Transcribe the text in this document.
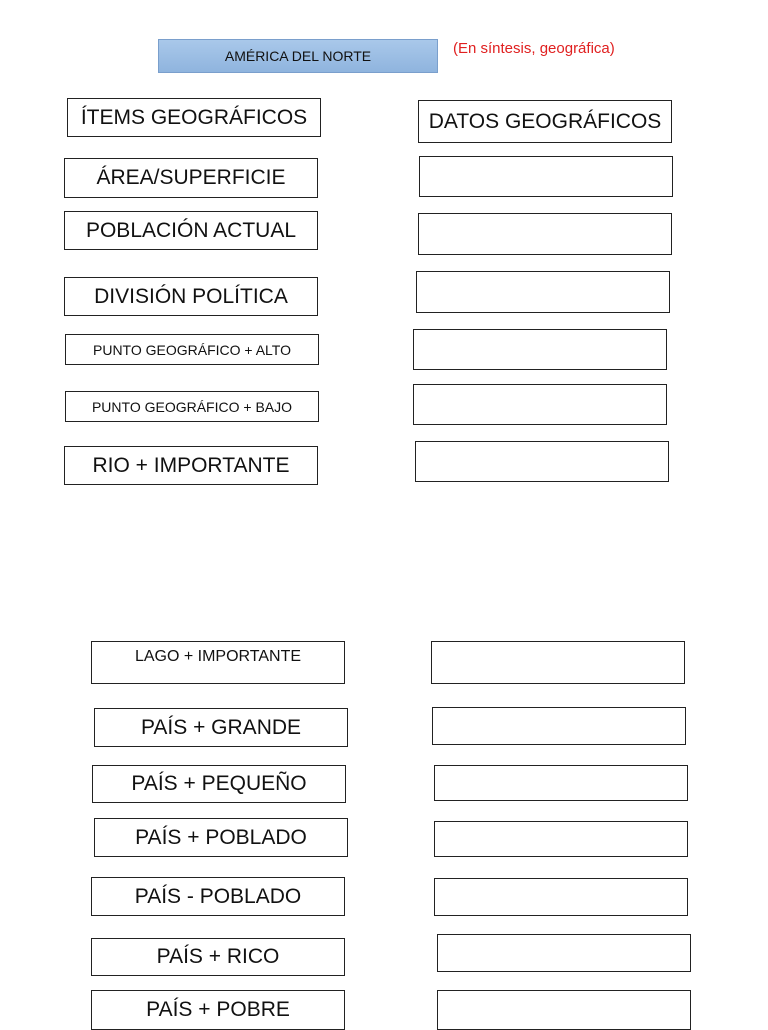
AMÉRICA DEL NORTE	(En síntesis, geográfica)
ÍTEMS GEOGRÁFICOS	DATOS GEOGRÁFICOS
ÁREA/SUPERFICIE
POBLACIÓN ACTUAL
DIVISIÓN POLÍTICA
PUNTO GEOGRÁFICO + ALTO
PUNTO GEOGRÁFICO + BAJO
RIO + IMPORTANTE
LAGO + IMPORTANTE
PAÍS + GRANDE
PAÍS + PEQUEÑO
PAÍS + POBLADO
PAÍS - POBLADO
PAÍS + RICO
PAÍS + POBRE
